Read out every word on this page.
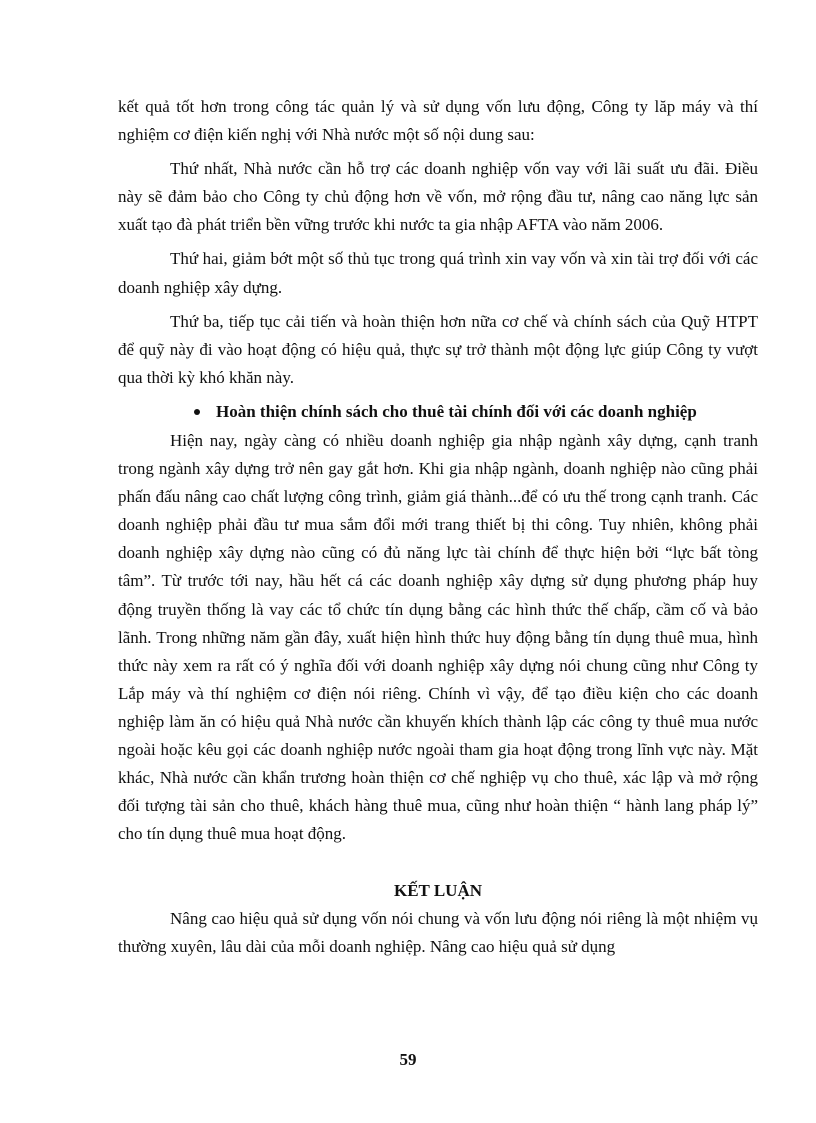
kết quả tốt hơn trong công tác quản lý và sử dụng vốn lưu động, Công ty lăp máy và thí nghiệm cơ điện kiến nghị với Nhà nước một số nội dung sau:

Thứ nhất, Nhà nước cần hỗ trợ các doanh nghiệp vốn vay với lãi suất ưu đãi. Điều này sẽ đảm bảo cho Công ty chủ động hơn về vốn, mở rộng đầu tư, nâng cao năng lực sản xuất tạo đà phát triển bền vững trước khi nước ta gia nhập AFTA vào năm 2006.

Thứ hai, giảm bớt một số thủ tục trong quá trình xin vay vốn và xin tài trợ đối với các doanh nghiệp xây dựng.

Thứ ba, tiếp tục cải tiến và hoàn thiện hơn nữa cơ chế và chính sách của Quỹ HTPT để quỹ này đi vào hoạt động có hiệu quả, thực sự trở thành một động lực giúp Công ty vượt qua thời kỳ khó khăn này.

Hoàn thiện chính sách cho thuê tài chính đối với các doanh nghiệp

Hiện nay, ngày càng có nhiều doanh nghiệp gia nhập ngành xây dựng, cạnh tranh trong ngành xây dựng trở nên gay gắt hơn. Khi gia nhập ngành, doanh nghiệp nào cũng phải phấn đấu nâng cao chất lượng công trình, giảm giá thành...để có ưu thế trong cạnh tranh. Các doanh nghiệp phải đầu tư mua sắm đổi mới trang thiết bị thi công. Tuy nhiên, không phải doanh nghiệp xây dựng nào cũng có đủ năng lực tài chính để thực hiện bởi “lực bất tòng tâm”. Từ trước tới nay, hầu hết cá các doanh nghiệp xây dựng sử dụng phương pháp huy động truyền thống là vay các tổ chức tín dụng bằng các hình thức thế chấp, cầm cố và bảo lãnh. Trong những năm gần đây, xuất hiện hình thức huy động bằng tín dụng thuê mua, hình thức này xem ra rất có ý nghĩa đối với doanh nghiệp xây dựng nói chung cũng như Công ty Lắp máy và thí nghiệm cơ điện nói riêng. Chính vì vậy, để tạo điều kiện cho các doanh nghiệp làm ăn có hiệu quả Nhà nước cần khuyến khích thành lập các công ty thuê mua nước ngoài hoặc kêu gọi các doanh nghiệp nước ngoài tham gia hoạt động trong lĩnh vực này. Mặt khác, Nhà nước cần khẩn trương hoàn thiện cơ chế nghiệp vụ cho thuê, xác lập và mở rộng đối tượng tài sản cho thuê, khách hàng thuê mua, cũng như hoàn thiện “ hành lang pháp lý” cho tín dụng thuê mua hoạt động.

KẾT LUẬN

Nâng cao hiệu quả sử dụng vốn nói chung và vốn lưu động nói riêng là một nhiệm vụ thường xuyên, lâu dài của mỗi doanh nghiệp. Nâng cao hiệu quả sử dụng

59
